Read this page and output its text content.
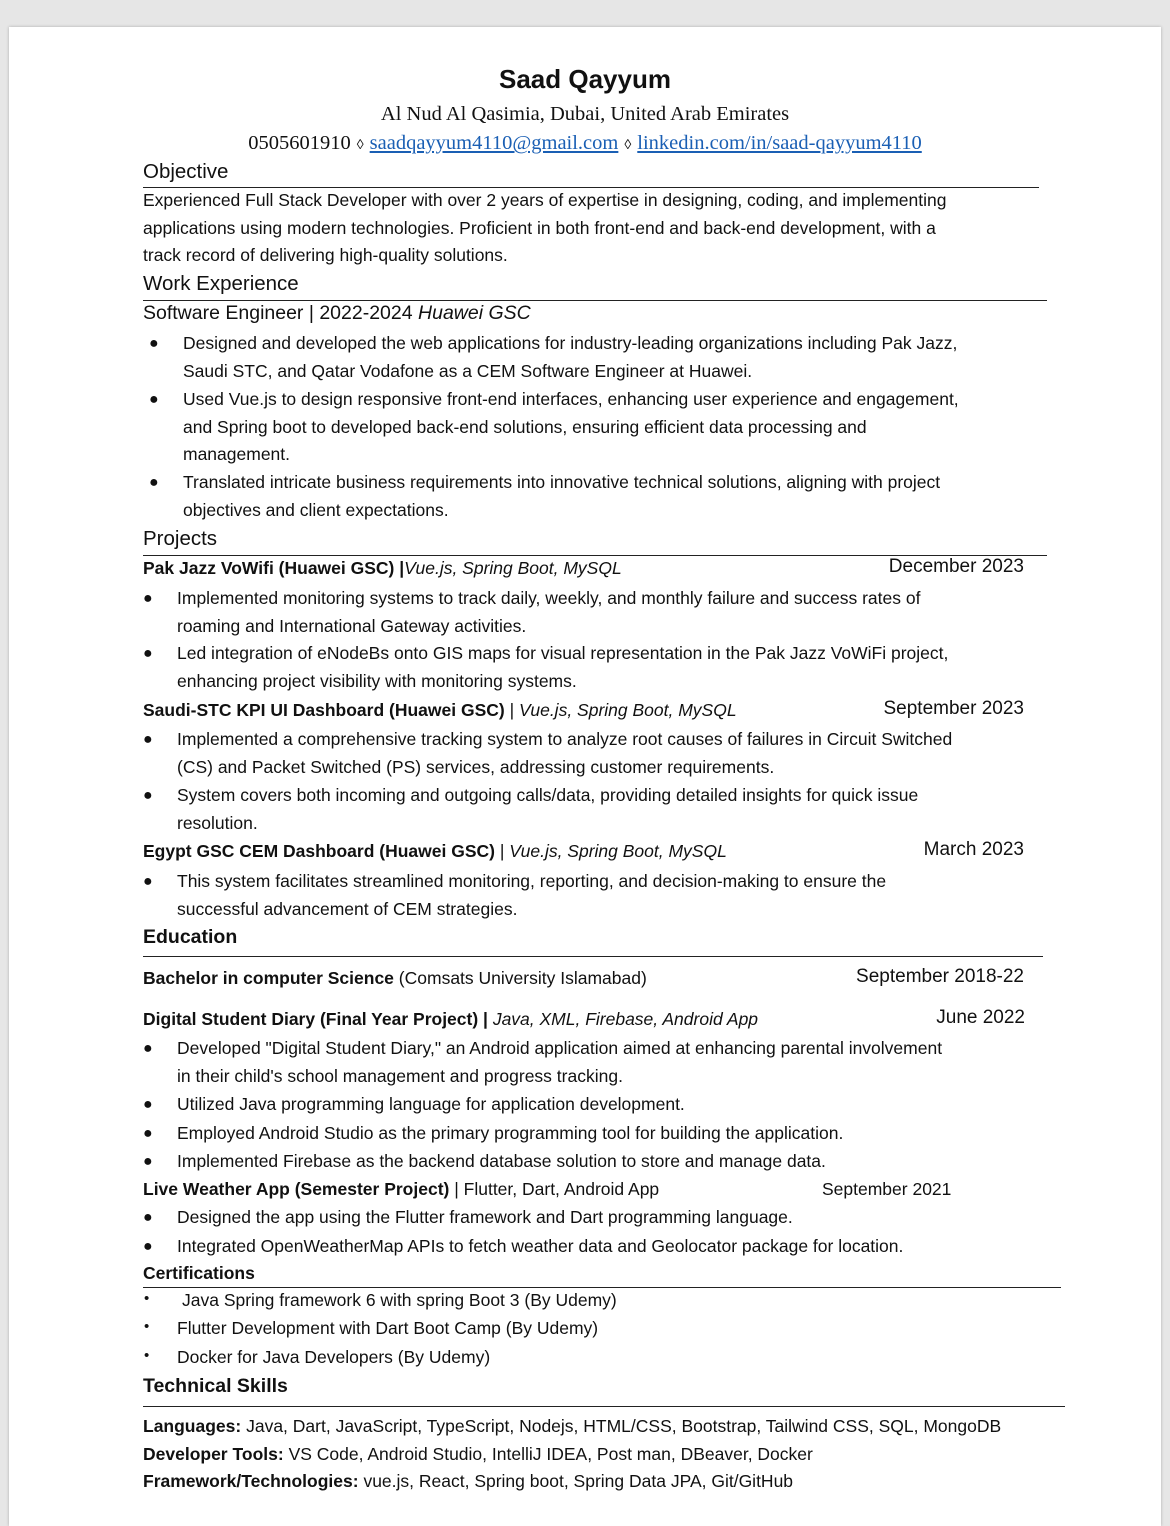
Saad Qayyum
Al Nud Al Qasimia, Dubai, United Arab Emirates
0505601910 ◊ saadqayyum4110@gmail.com ◊ linkedin.com/in/saad-qayyum4110
Objective
Experienced Full Stack Developer with over 2 years of expertise in designing, coding, and implementing
applications using modern technologies. Proficient in both front-end and back-end development, with a
track record of delivering high-quality solutions.
Work Experience
Software Engineer | 2022-2024 Huawei GSC
● Designed and developed the web applications for industry-leading organizations including Pak Jazz,
Saudi STC, and Qatar Vodafone as a CEM Software Engineer at Huawei.
● Used Vue.js to design responsive front-end interfaces, enhancing user experience and engagement,
and Spring boot to developed back-end solutions, ensuring efficient data processing and
management.
● Translated intricate business requirements into innovative technical solutions, aligning with project
objectives and client expectations.
Projects
Pak Jazz VoWifi (Huawei GSC) |Vue.js, Spring Boot, MySQL	December 2023
● Implemented monitoring systems to track daily, weekly, and monthly failure and success rates of
roaming and International Gateway activities.
● Led integration of eNodeBs onto GIS maps for visual representation in the Pak Jazz VoWiFi project,
enhancing project visibility with monitoring systems.
Saudi-STC KPI UI Dashboard (Huawei GSC) | Vue.js, Spring Boot, MySQL	September 2023
● Implemented a comprehensive tracking system to analyze root causes of failures in Circuit Switched
(CS) and Packet Switched (PS) services, addressing customer requirements.
● System covers both incoming and outgoing calls/data, providing detailed insights for quick issue
resolution.
Egypt GSC CEM Dashboard (Huawei GSC) | Vue.js, Spring Boot, MySQL	March 2023
● This system facilitates streamlined monitoring, reporting, and decision-making to ensure the
successful advancement of CEM strategies.
Education
Bachelor in computer Science (Comsats University Islamabad)	September 2018-22
Digital Student Diary (Final Year Project) | Java, XML, Firebase, Android App	June 2022
● Developed "Digital Student Diary," an Android application aimed at enhancing parental involvement
in their child's school management and progress tracking.
● Utilized Java programming language for application development.
● Employed Android Studio as the primary programming tool for building the application.
● Implemented Firebase as the backend database solution to store and manage data.
Live Weather App (Semester Project) | Flutter, Dart, Android App	September 2021
● Designed the app using the Flutter framework and Dart programming language.
● Integrated OpenWeatherMap APIs to fetch weather data and Geolocator package for location.
Certifications
• Java Spring framework 6 with spring Boot 3 (By Udemy)
• Flutter Development with Dart Boot Camp (By Udemy)
• Docker for Java Developers (By Udemy)
Technical Skills
Languages: Java, Dart, JavaScript, TypeScript, Nodejs, HTML/CSS, Bootstrap, Tailwind CSS, SQL, MongoDB
Developer Tools: VS Code, Android Studio, IntelliJ IDEA, Post man, DBeaver, Docker
Framework/Technologies: vue.js, React, Spring boot, Spring Data JPA, Git/GitHub
